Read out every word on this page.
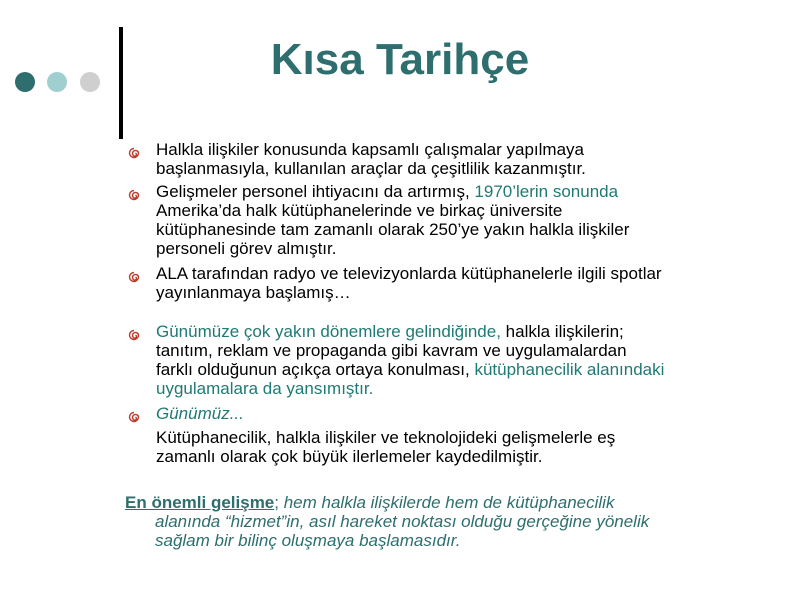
Kısa Tarihçe
Halkla ilişkiler konusunda kapsamlı çalışmalar yapılmaya
başlanmasıyla, kullanılan araçlar da çeşitlilik kazanmıştır.
Gelişmeler personel ihtiyacını da artırmış, 1970’lerin sonunda
Amerika’da halk kütüphanelerinde ve birkaç üniversite
kütüphanesinde tam zamanlı olarak 250’ye yakın halkla ilişkiler
personeli görev almıştır.
ALA tarafından radyo ve televizyonlarda kütüphanelerle ilgili spotlar
yayınlanmaya başlamış…
Günümüze çok yakın dönemlere gelindiğinde, halkla ilişkilerin;
tanıtım, reklam ve propaganda gibi kavram ve uygulamalardan
farklı olduğunun açıkça ortaya konulması, kütüphanecilik alanındaki
uygulamalara da yansımıştır.
Günümüz...
Kütüphanecilik, halkla ilişkiler ve teknolojideki gelişmelerle eş
zamanlı olarak çok büyük ilerlemeler kaydedilmiştir.
En önemli gelişme; hem halkla ilişkilerde hem de kütüphanecilik
alanında “hizmet”in, asıl hareket noktası olduğu gerçeğine yönelik
sağlam bir bilinç oluşmaya başlamasıdır.
